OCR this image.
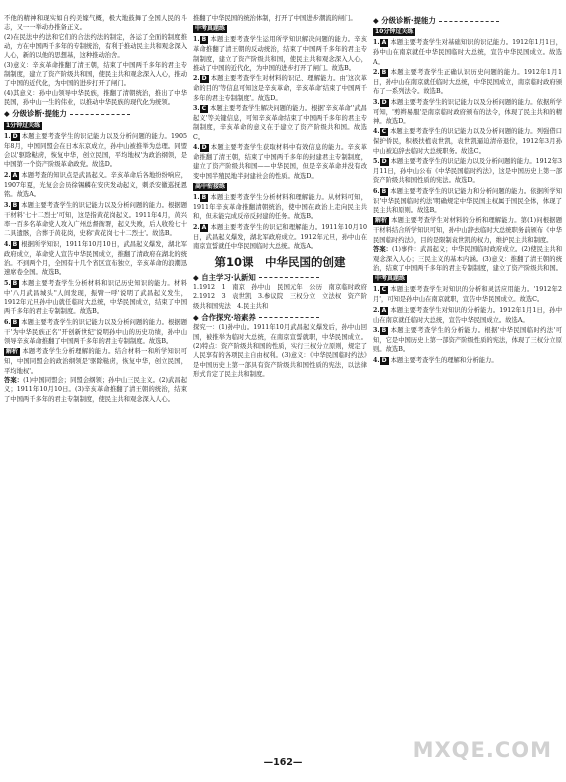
不他的精神和现实如自约美嫁气概，极大地鼓舞了全国人民的斗志，又一一举动办推备正义。

(2)在民法中约法和它们的合法约法的制定，各运了全面的制度推动，方在中国两千多年的专制统治，有利于推动民主共和观念深入人心，新的以他的思想基，这种推动治舍。

(3)意义：辛亥革命推翻了清王朝，结束了中国两千多年的君主专制制度，建立了资产阶级共和国，使民主共和观念深入人心，推动了中国的近代化，为中国的进步打开了闸门。

(4)其意义：孙中山领导中华民族，推翻了清朝统治，推出了中华民国，孙中山一生的伟业，以推动中华民族的现代化为统领。

◆ 分级诊断·提能力
1分钟过关练

1. D 本题主要考查学生的识记能力以及分析问题的能力。1905年8月，中国同盟会在日本东京成立，孙中山被推举为总理。同盟会以'驱除鞑虏，恢复中华，创立民国，平均地权'为政治纲领，是中国第一个资产阶级革命政党。故选D。

2. A 本题考查的知识点是武昌起义。辛亥革命后各地纷纷响应，1907年夏，光复会会员徐锡麟在安庆发动起义，刺杀安徽巡抚恩铭。故选A。

3. B 本题主要考查学生的识记能力以及分析问题的能力。根据题干材料'七十二烈士'可知，这是指黄花岗起义。1911年4月，黄兴率一百多名革命党人攻入广州总督衙署，起义失败，后人收殓七十二具遗骸，合葬于黄花岗，史称'黄花岗七十二烈士'。故选B。

4. B 根据所学知识，1911年10月10日，武昌起义爆发，湖北军政府成立，革命党人宣告中华民国成立，推翻了清政府在湖北的统治。不到两个月，全国有十几个省区宣布独立，辛亥革命的浪潮迅速席卷全国。故选B。

5. B 本题主要考查学生分析材料和识记历史知识的能力。材料中'八月武昌城头''人间发现，振臂一呼'说明了武昌起义发生，1912年元旦孙中山就任临时大总统，中华民国成立，结束了中国两千多年的君主专制制度。故选B。

6. B 本题主要考查学生的识记能力以及分析问题的能力。根据题干'为中华民族正名''开创新世纪'说明孙中山的历史功绩，孙中山领导辛亥革命推翻了中国两千多年的君主专制制度。故选B。

解析 本题考查学生分析理解的能力。结合材料一和所学知识可知，中国同盟会的政治纲领是'驱除鞑虏，恢复中华，创立民国，平均地权'。

答案：(1)中国同盟会；同盟会纲领；孙中山三民主义。(2)武昌起义；1911年10月10日。(3)辛亥革命推翻了清王朝的统治，结束了中国两千多年的君主专制制度，使民主共和观念深入人心。

推翻了中华民国的统治体制，打开了中国进步潮流的闸门。

中考真题练

1. B 本题主要考查学生运用所学知识解决问题的能力。辛亥革命推翻了清王朝的反动统治，结束了中国两千多年的君主专制制度，建立了资产阶级共和国，使民主共和观念深入人心，推动了中国的近代化，为中国的进步打开了闸门。故选B。

2. D 本题主要考查学生对材料的识记、理解能力。由'这次革命的目的'等信息可知这是辛亥革命，辛亥革命'结束了中国两千多年的君主专制制度'。故选D。

3. C 本题主要考查学生解决问题的能力。根据'辛亥革命''武昌起义'等关键信息，可知辛亥革命结束了中国两千多年的君主专制制度，辛亥革命的意义在于建立了资产阶级共和国。故选C。

4. D 本题主要考查学生获取材料中有效信息的能力。辛亥革命推翻了清王朝，结束了中国两千多年的封建君主专制制度，建立了资产阶级共和国——中华民国，但是辛亥革命并没有改变中国半殖民地半封建社会的性质。故选D。

高中衔接练

1. B 本题主要考查学生分析材料和理解能力。从材料可知，1911年辛亥革命推翻清朝统治，使中国在政治上走向民主共和，但未能完成反帝反封建的任务。故选B。

2. A 本题主要考查学生的识记和理解能力。1911年10月10日，武昌起义爆发，湖北军政府成立。1912年元旦，孙中山在南京宣誓就任中华民国临时大总统。故选A。

第10课　中华民国的创建
◆ 自主学习·认新知

1.1912　1　南京　孙中山　民国元年　公历　南京临时政府　2.1912　3　袁世凯　3.参议院　三权分立　立法权　资产阶级共和国宪法　4.民主共和

◆ 合作探究·培素养

探究一：(1)孙中山。1911年10月武昌起义爆发后，孙中山回国，被推举为临时大总统，在南京宣誓就职，中华民国成立。(2)特点：资产阶级共和国的性质，实行三权分立原则，规定了人民享有的各项民主自由权利。(3)意义：《中华民国临时约法》是中国历史上第一部具有资产阶级共和国性质的宪法，以法律形式肯定了民主共和制度。

◆ 分级诊断·提能力
10分钟过关练

1. A 本题主要考查学生对基础知识的识记能力。1912年1月1日，孙中山在南京就任中华民国临时大总统，宣告中华民国成立。故选A。

2. B 本题主要考查学生正确认识历史问题的能力。1912年1月1日，孙中山在南京就任临时大总统，中华民国成立，南京临时政府颁布了一系列法令。故选B。

3. D 本题主要考查学生的识记能力以及分析问题的能力。依据所学可知，'剪辫易服'是南京临时政府颁布的法令，体现了民主共和的精神。故选D。

4. C 本题主要考查学生的识记能力以及分析问题的能力。列强借口保护侨民，积极扶植袁世凯，袁世凯逼迫清帝退位，1912年3月孙中山被迫辞去临时大总统职务。故选C。

5. D 本题主要考查学生的识记能力以及分析问题的能力。1912年3月11日，孙中山公布《中华民国临时约法》，这是中国历史上第一部资产阶级共和国性质的宪法。故选D。

6. B 本题主要考查学生的识记能力和分析问题的能力。依据所学知识'中华民国临时约法'明确规定中华民国主权属于国民全体，体现了民主共和原则。故选B。

解析 本题主要考查学生对材料的分析和理解能力。第(1)问根据题干材料结合所学知识可知，孙中山辞去临时大总统职务前颁布《中华民国临时约法》，目的是限制袁世凯的权力，维护民主共和制度。

答案：(1)事件：武昌起义；中华民国临时政府成立。(2)使民主共和观念深入人心；三民主义的基本内涵。(3)意义：推翻了清王朝的统治，结束了中国两千多年的君主专制制度，建立了资产阶级共和国。

中考真题练

1. C 本题主要考查学生对知识的分析和灵活应用能力。'1912年2月'，可知是孙中山在南京就职，宣告中华民国成立。故选C。

2. A 本题主要考查学生对知识的分析能力。1912年1月1日，孙中山在南京就任临时大总统，宣告中华民国成立。故选A。

3. B 本题主要考查学生的分析能力。根据'中华民国临时约法'可知，它是中国历史上第一部资产阶级性质的宪法，体现了三权分立原则。故选B。

4. D 本题主要考查学生的理解和分析能力。

MXQE.COM
—162—
